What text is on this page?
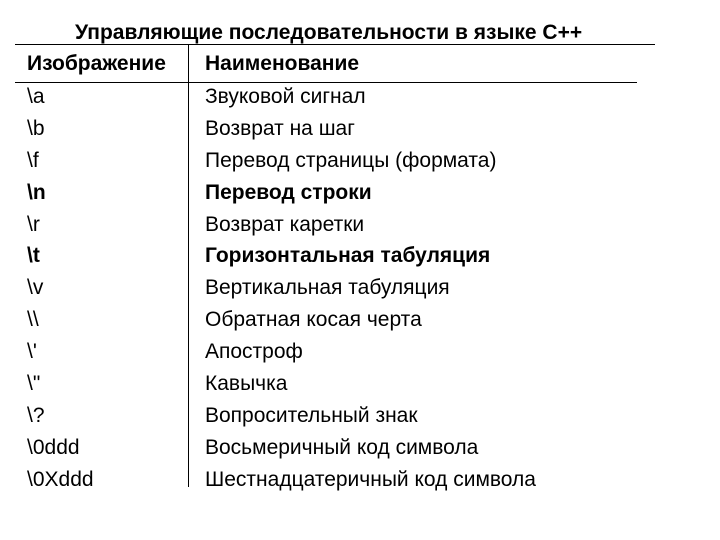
Управляющие последовательности в языке C++
Изображение Наименование
\a	Звуковой сигнал
\b	Возврат на шаг
\f	Перевод страницы (формата)
\n	Перевод строки
\r	Возврат каретки
\t	Горизонтальная табуляция
\v	Вертикальная табуляция
\\	Обратная косая черта
\'	Апостроф
\"	Кавычка
\?	Вопросительный знак
\0ddd	Восьмеричный код символа
\0Xddd	Шестнадцатеричный код символа
